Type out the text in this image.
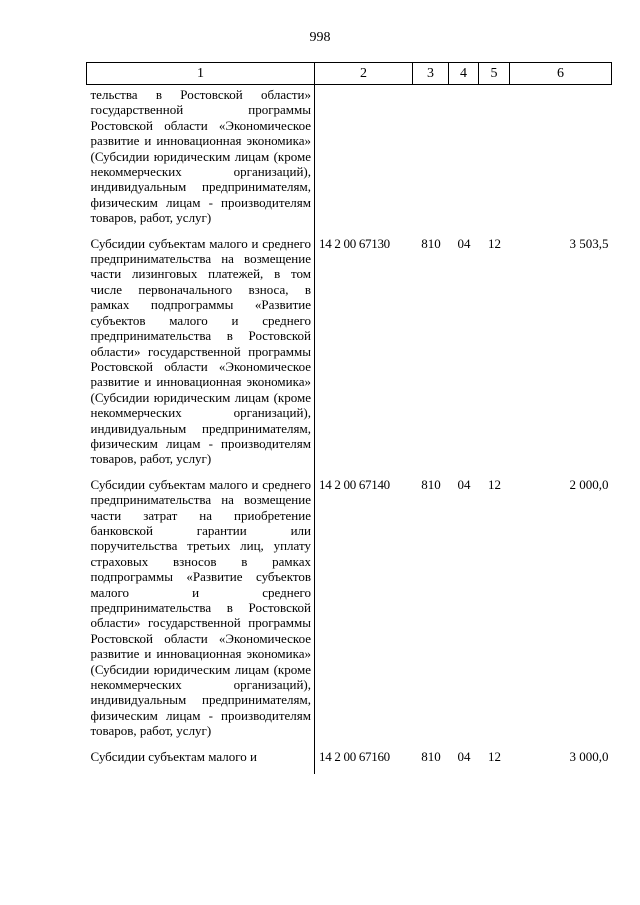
998
1	2	3	4	5	6
тельства в Ростовской области» государственной программы Ростовской области «Экономическое развитие и инновационная экономика» (Субсидии юридическим лицам (кроме некоммерческих организаций), индивидуальным предпринимателям, физическим лицам - производителям товаров, работ, услуг)					
Субсидии субъектам малого и среднего предпринимательства на возмещение части лизинговых платежей, в том числе первоначального взноса, в рамках подпрограммы «Развитие субъектов малого и среднего предпринимательства в Ростовской области» государственной программы Ростовской области «Экономическое развитие и инновационная экономика» (Субсидии юридическим лицам (кроме некоммерческих организаций), индивидуальным предпринимателям, физическим лицам - производителям товаров, работ, услуг)	14 2 00 67130	810	04	12	3 503,5
Субсидии субъектам малого и среднего предпринимательства на возмещение части затрат на приобретение банковской гарантии или поручительства третьих лиц, уплату страховых взносов в рамках подпрограммы «Развитие субъектов малого и среднего предпринимательства в Ростовской области» государственной программы Ростовской области «Экономическое развитие и инновационная экономика» (Субсидии юридическим лицам (кроме некоммерческих организаций), индивидуальным предпринимателям, физическим лицам - производителям товаров, работ, услуг)	14 2 00 67140	810	04	12	2 000,0
Субсидии субъектам малого и	14 2 00 67160	810	04	12	3 000,0
